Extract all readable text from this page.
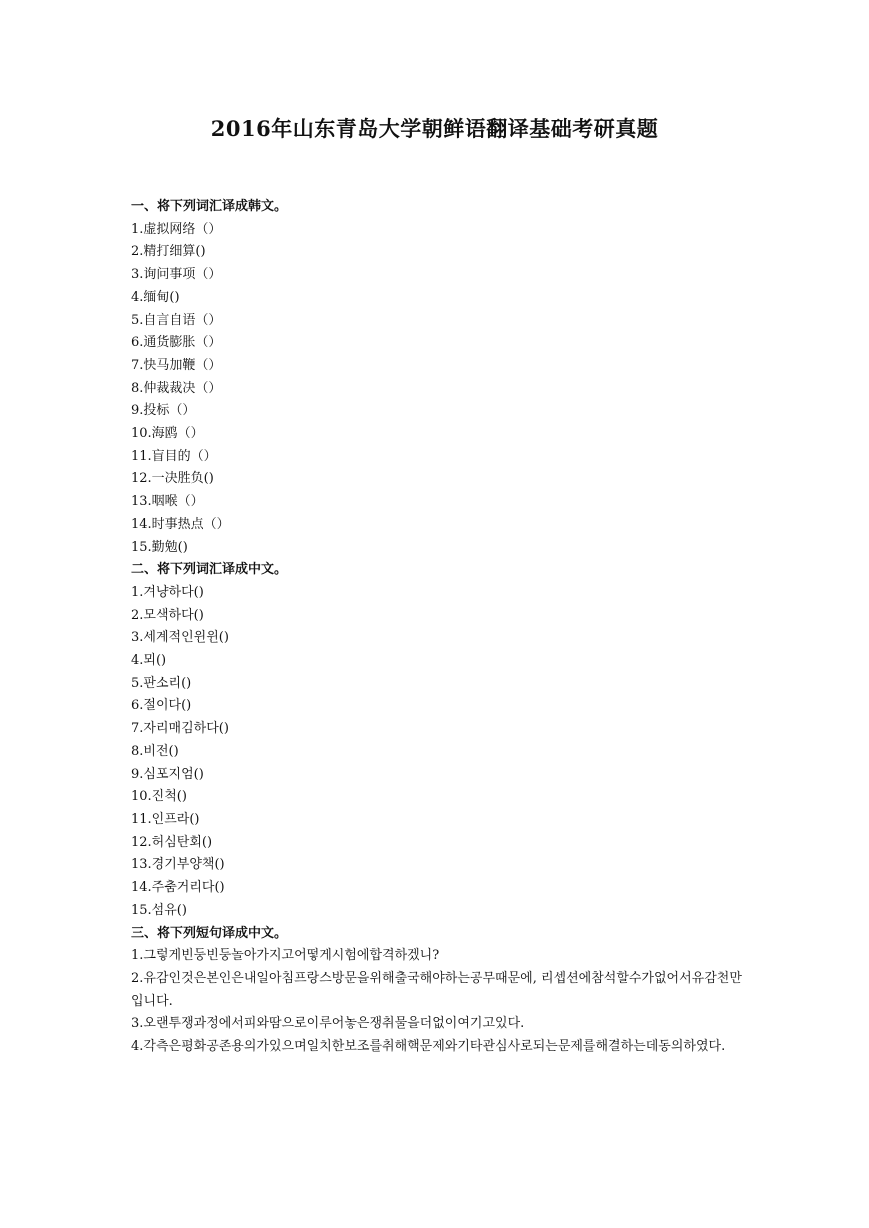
2016年山东青岛大学朝鲜语翻译基础考研真题
一、将下列词汇译成韩文。
1.虚拟网络（）
2.精打细算()
3.询问事项（）
4.缅甸()
5.自言自语（）
6.通货膨胀（）
7.快马加鞭（）
8.仲裁裁决（）
9.投标（）
10.海鸥（）
11.盲目的（）
12.一决胜负()
13.咽喉（）
14.时事热点（）
15.勤勉()
二、将下列词汇译成中文。
1.겨냥하다()
2.모색하다()
3.세계적인윈윈()
4.뫼()
5.판소리()
6.절이다()
7.자리매김하다()
8.비전()
9.심포지엄()
10.진척()
11.인프라()
12.허심탄회()
13.경기부양책()
14.주춤거리다()
15.섬유()
三、将下列短句译成中文。
1.그렇게빈둥빈둥놀아가지고어떻게시험에합격하겠니?
2.유감인것은본인은내일아침프랑스방문을위해출국해야하는공무때문에, 리셉션에참석할수가없어서유감천만입니다.
3.오랜투쟁과정에서피와땀으로이루어놓은쟁취물을더없이여기고있다.
4.각측은평화공존용의가있으며일치한보조를취해핵문제와기타관심사로되는문제를해결하는데동의하였다.
